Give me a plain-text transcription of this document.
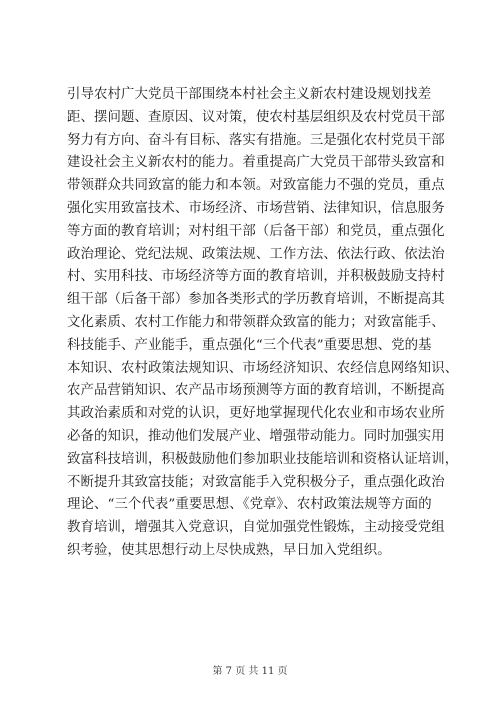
引导农村广大党员干部围绕本村社会主义新农村建设规划找差
距、摆问题、查原因、议对策，使农村基层组织及农村党员干部
努力有方向、奋斗有目标、落实有措施。三是强化农村党员干部
建设社会主义新农村的能力。着重提高广大党员干部带头致富和
带领群众共同致富的能力和本领。对致富能力不强的党员，重点
强化实用致富技术、市场经济、市场营销、法律知识，信息服务
等方面的教育培训；对村组干部（后备干部）和党员，重点强化
政治理论、党纪法规、政策法规、工作方法、依法行政、依法治
村、实用科技、市场经济等方面的教育培训，并积极鼓励支持村
组干部（后备干部）参加各类形式的学历教育培训，不断提高其
文化素质、农村工作能力和带领群众致富的能力；对致富能手、
科技能手、产业能手，重点强化“三个代表”重要思想、党的基
本知识、农村政策法规知识、市场经济知识、农经信息网络知识、
农产品营销知识、农产品市场预测等方面的教育培训，不断提高
其政治素质和对党的认识，更好地掌握现代化农业和市场农业所
必备的知识，推动他们发展产业、增强带动能力。同时加强实用
致富科技培训，积极鼓励他们参加职业技能培训和资格认证培训，
不断提升其致富技能；对致富能手入党积极分子，重点强化政治
理论、“三个代表”重要思想、《党章》、农村政策法规等方面的
教育培训，增强其入党意识，自觉加强党性锻炼，主动接受党组
织考验，使其思想行动上尽快成熟，早日加入党组织。
第 7 页 共 11 页
